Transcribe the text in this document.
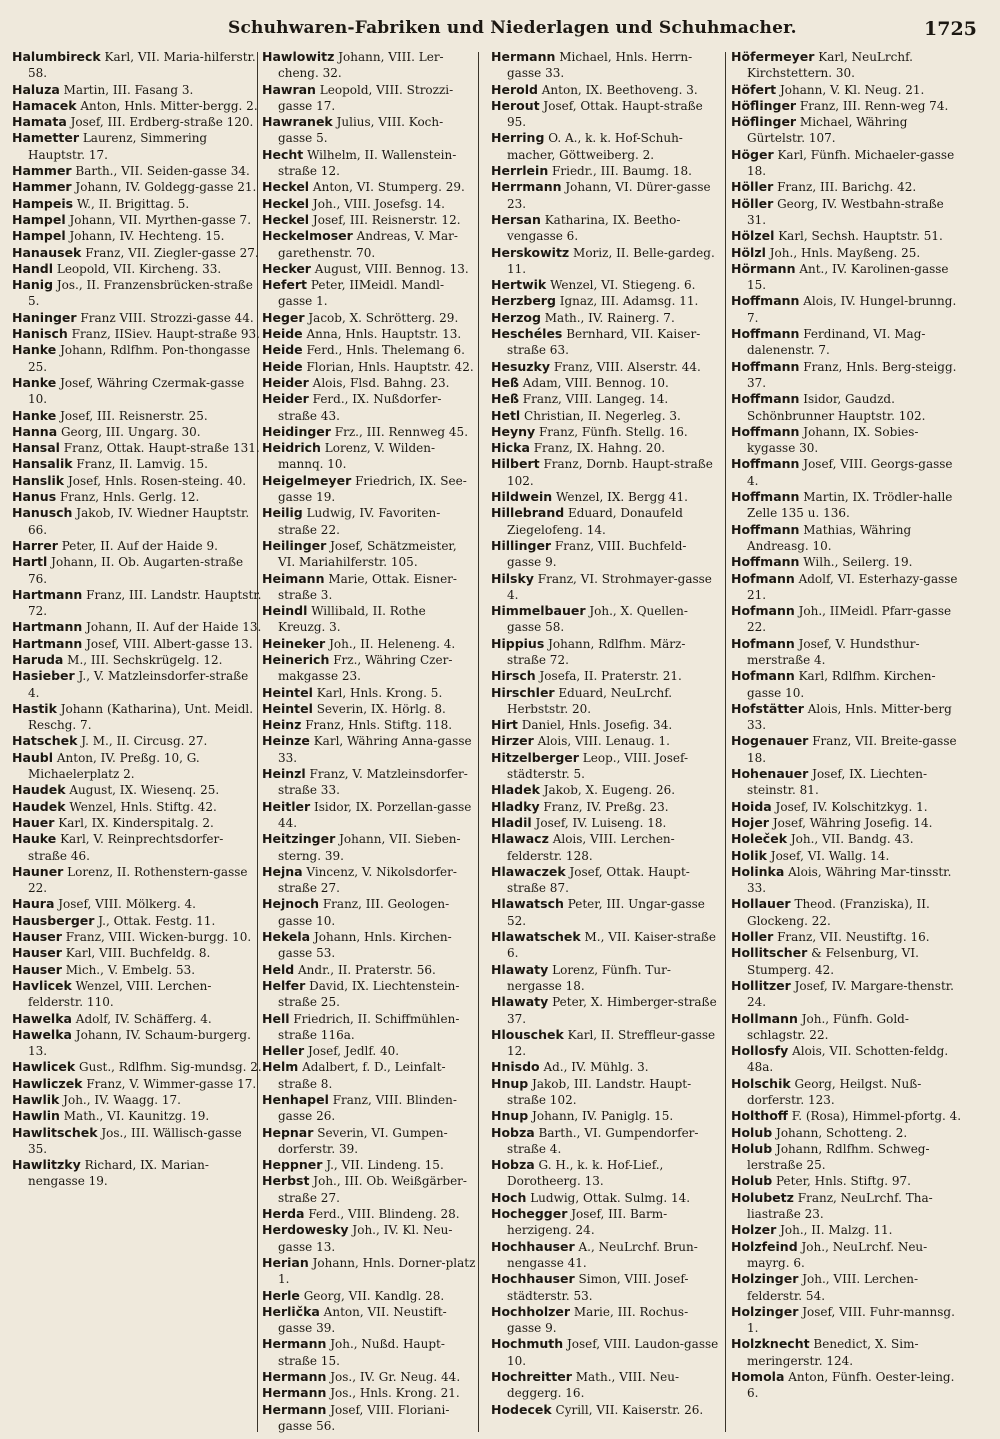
Schuhwaren-Fabriken und Niederlagen und Schuhmacher.	1725

Halumbireck Karl, VII. Maria-hilferstr. 58.

Haluza Martin, III. Fasang 3.

Hamacek Anton, Hnls. Mitter-bergg. 2.

Hamata Josef, III. Erdberg-straße 120.

Hametter Laurenz, Simmering Hauptstr. 17.

Hammer Barth., VII. Seiden-gasse 34.

Hammer Johann, IV. Goldegg-gasse 21.

Hampeis W., II. Brigittag. 5.

Hampel Johann, VII. Myrthen-gasse 7.

Hampel Johann, IV. Hechteng. 15.

Hanausek Franz, VII. Ziegler-gasse 27.

Handl Leopold, VII. Kircheng. 33.

Hanig Jos., II. Franzensbrücken-straße 5.

Haninger Franz VIII. Strozzi-gasse 44.

Hanisch Franz, IISiev. Haupt-straße 93.

Hanke Johann, Rdlfhm. Pon-thongasse 25.

Hanke Josef, Währing Czermak-gasse 10.

Hanke Josef, III. Reisnerstr. 25.

Hanna Georg, III. Ungarg. 30.

Hansal Franz, Ottak. Haupt-straße 131.

Hansalik Franz, II. Lamvig. 15.

Hanslik Josef, Hnls. Rosen-steing. 40.

Hanus Franz, Hnls. Gerlg. 12.

Hanusch Jakob, IV. Wiedner Hauptstr. 66.

Harrer Peter, II. Auf der Haide 9.

Hartl Johann, II. Ob. Augarten-straße 76.

Hartmann Franz, III. Landstr. Hauptstr. 72.

Hartmann Johann, II. Auf der Haide 13.

Hartmann Josef, VIII. Albert-gasse 13.

Haruda M., III. Sechskrügelg. 12.

Hasieber J., V. Matzleinsdorfer-straße 4.

Hastik Johann (Katharina), Unt. Meidl. Reschg. 7.

Hatschek J. M., II. Circusg. 27.

Haubl Anton, IV. Preßg. 10, G. Michaelerplatz 2.

Haudek August, IX. Wiesenq. 25.

Haudek Wenzel, Hnls. Stiftg. 42.

Hauer Karl, IX. Kinderspitalg. 2.

Hauke Karl, V. Reinprechtsdorfer-straße 46.

Hauner Lorenz, II. Rothenstern-gasse 22.

Haura Josef, VIII. Mölkerg. 4.

Hausberger J., Ottak. Festg. 11.

Hauser Franz, VIII. Wicken-burgg. 10.

Hauser Karl, VIII. Buchfeldg. 8.

Hauser Mich., V. Embelg. 53.

Havlicek Wenzel, VIII. Lerchen-felderstr. 110.

Hawelka Adolf, IV. Schäfferg. 4.

Hawelka Johann, IV. Schaum-burgerg. 13.

Hawlicek Gust., Rdlfhm. Sig-mundsg. 2.

Hawliczek Franz, V. Wimmer-gasse 17.

Hawlik Joh., IV. Waagg. 17.

Hawlin Math., VI. Kaunitzg. 19.

Hawlitschek Jos., III. Wällisch-gasse 35.

Hawlitzky Richard, IX. Marian-nengasse 19.

Hawlowitz Johann, VIII. Ler-cheng. 32.

Hawran Leopold, VIII. Strozzi-gasse 17.

Hawranek Julius, VIII. Koch-gasse 5.

Hecht Wilhelm, II. Wallenstein-straße 12.

Heckel Anton, VI. Stumperg. 29.

Heckel Joh., VIII. Josefsg. 14.

Heckel Josef, III. Reisnerstr. 12.

Heckelmoser Andreas, V. Mar-garethenstr. 70.

Hecker August, VIII. Bennog. 13.

Hefert Peter, IIMeidl. Mandl-gasse 1.

Heger Jacob, X. Schrötterg. 29.

Heide Anna, Hnls. Hauptstr. 13.

Heide Ferd., Hnls. Thelemang 6.

Heide Florian, Hnls. Hauptstr. 42.

Heider Alois, Flsd. Bahng. 23.

Heider Ferd., IX. Nußdorfer-straße 43.

Heidinger Frz., III. Rennweg 45.

Heidrich Lorenz, V. Wilden-mannq. 10.

Heigelmeyer Friedrich, IX. See-gasse 19.

Heilig Ludwig, IV. Favoriten-straße 22.

Heilinger Josef, Schätzmeister, VI. Mariahilferstr. 105.

Heimann Marie, Ottak. Eisner-straße 3.

Heindl Willibald, II. Rothe Kreuzg. 3.

Heineker Joh., II. Heleneng. 4.

Heinerich Frz., Währing Czer-makgasse 23.

Heintel Karl, Hnls. Krong. 5.

Heintel Severin, IX. Hörlg. 8.

Heinz Franz, Hnls. Stiftg. 118.

Heinze Karl, Währing Anna-gasse 33.

Heinzl Franz, V. Matzleinsdorfer-straße 33.

Heitler Isidor, IX. Porzellan-gasse 44.

Heitzinger Johann, VII. Sieben-sterng. 39.

Hejna Vincenz, V. Nikolsdorfer-straße 27.

Hejnoch Franz, III. Geologen-gasse 10.

Hekela Johann, Hnls. Kirchen-gasse 53.

Held Andr., II. Praterstr. 56.

Helfer David, IX. Liechtenstein-straße 25.

Hell Friedrich, II. Schiffmühlen-straße 116a.

Heller Josef, Jedlf. 40.

Helm Adalbert, f. D., Leinfalt-straße 8.

Henhapel Franz, VIII. Blinden-gasse 26.

Hepnar Severin, VI. Gumpen-dorferstr. 39.

Heppner J., VII. Lindeng. 15.

Herbst Joh., III. Ob. Weißgärber-straße 27.

Herda Ferd., VIII. Blindeng. 28.

Herdowesky Joh., IV. Kl. Neu-gasse 13.

Herian Johann, Hnls. Dorner-platz 1.

Herle Georg, VII. Kandlg. 28.

Herlička Anton, VII. Neustift-gasse 39.

Hermann Joh., Nußd. Haupt-straße 15.

Hermann Jos., IV. Gr. Neug. 44.

Hermann Jos., Hnls. Krong. 21.

Hermann Josef, VIII. Floriani-gasse 56.

Hermann Michael, Hnls. Herrn-gasse 33.

Herold Anton, IX. Beethoveng. 3.

Herout Josef, Ottak. Haupt-straße 95.

Herring O. A., k. k. Hof-Schuh-macher, Göttweiberg. 2.

Herrlein Friedr., III. Baumg. 18.

Herrmann Johann, VI. Dürer-gasse 23.

Hersan Katharina, IX. Beetho-vengasse 6.

Herskowitz Moriz, II. Belle-gardeg. 11.

Hertwik Wenzel, VI. Stiegeng. 6.

Herzberg Ignaz, III. Adamsg. 11.

Herzog Math., IV. Rainerg. 7.

Heschéles Bernhard, VII. Kaiser-straße 63.

Hesuzky Franz, VIII. Alserstr. 44.

Heß Adam, VIII. Bennog. 10.

Heß Franz, VIII. Langeg. 14.

Hetl Christian, II. Negerleg. 3.

Heyny Franz, Fünfh. Stellg. 16.

Hicka Franz, IX. Hahng. 20.

Hilbert Franz, Dornb. Haupt-straße 102.

Hildwein Wenzel, IX. Bergg 41.

Hillebrand Eduard, Donaufeld Ziegelofeng. 14.

Hillinger Franz, VIII. Buchfeld-gasse 9.

Hilsky Franz, VI. Strohmayer-gasse 4.

Himmelbauer Joh., X. Quellen-gasse 58.

Hippius Johann, Rdlfhm. März-straße 72.

Hirsch Josefa, II. Praterstr. 21.

Hirschler Eduard, NeuLrchf. Herbststr. 20.

Hirt Daniel, Hnls. Josefig. 34.

Hirzer Alois, VIII. Lenaug. 1.

Hitzelberger Leop., VIII. Josef-städterstr. 5.

Hladek Jakob, X. Eugeng. 26.

Hladky Franz, IV. Preßg. 23.

Hladil Josef, IV. Luiseng. 18.

Hlawacz Alois, VIII. Lerchen-felderstr. 128.

Hlawaczek Josef, Ottak. Haupt-straße 87.

Hlawatsch Peter, III. Ungar-gasse 52.

Hlawatschek M., VII. Kaiser-straße 6.

Hlawaty Lorenz, Fünfh. Tur-nergasse 18.

Hlawaty Peter, X. Himberger-straße 37.

Hlouschek Karl, II. Streffleur-gasse 12.

Hnisdo Ad., IV. Mühlg. 3.

Hnup Jakob, III. Landstr. Haupt-straße 102.

Hnup Johann, IV. Paniglg. 15.

Hobza Barth., VI. Gumpendorfer-straße 4.

Hobza G. H., k. k. Hof-Lief., Dorotheerg. 13.

Hoch Ludwig, Ottak. Sulmg. 14.

Hochegger Josef, III. Barm-herzigeng. 24.

Hochhauser A., NeuLrchf. Brun-nengasse 41.

Hochhauser Simon, VIII. Josef-städterstr. 53.

Hochholzer Marie, III. Rochus-gasse 9.

Hochmuth Josef, VIII. Laudon-gasse 10.

Hochreitter Math., VIII. Neu-deggerg. 16.

Hodecek Cyrill, VII. Kaiserstr. 26.

Höfermeyer Karl, NeuLrchf. Kirchstettern. 30.

Höfert Johann, V. Kl. Neug. 21.

Höflinger Franz, III. Renn-weg 74.

Höflinger Michael, Währing Gürtelstr. 107.

Höger Karl, Fünfh. Michaeler-gasse 18.

Höller Franz, III. Barichg. 42.

Höller Georg, IV. Westbahn-straße 31.

Hölzel Karl, Sechsh. Hauptstr. 51.

Hölzl Joh., Hnls. Mayßeng. 25.

Hörmann Ant., IV. Karolinen-gasse 15.

Hoffmann Alois, IV. Hungel-brunng. 7.

Hoffmann Ferdinand, VI. Mag-dalenenstr. 7.

Hoffmann Franz, Hnls. Berg-steigg. 37.

Hoffmann Isidor, Gaudzd. Schönbrunner Hauptstr. 102.

Hoffmann Johann, IX. Sobies-kygasse 30.

Hoffmann Josef, VIII. Georgs-gasse 4.

Hoffmann Martin, IX. Trödler-halle Zelle 135 u. 136.

Hoffmann Mathias, Währing Andreasg. 10.

Hoffmann Wilh., Seilerg. 19.

Hofmann Adolf, VI. Esterhazy-gasse 21.

Hofmann Joh., IIMeidl. Pfarr-gasse 22.

Hofmann Josef, V. Hundsthur-merstraße 4.

Hofmann Karl, Rdlfhm. Kirchen-gasse 10.

Hofstätter Alois, Hnls. Mitter-berg 33.

Hogenauer Franz, VII. Breite-gasse 18.

Hohenauer Josef, IX. Liechten-steinstr. 81.

Hoida Josef, IV. Kolschitzkyg. 1.

Hojer Josef, Währing Josefig. 14.

Holeček Joh., VII. Bandg. 43.

Holik Josef, VI. Wallg. 14.

Holinka Alois, Währing Mar-tinsstr. 33.

Hollauer Theod. (Franziska), II. Glockeng. 22.

Holler Franz, VII. Neustiftg. 16.

Hollitscher & Felsenburg, VI. Stumperg. 42.

Hollitzer Josef, IV. Margare-thenstr. 24.

Hollmann Joh., Fünfh. Gold-schlagstr. 22.

Hollosfy Alois, VII. Schotten-feldg. 48a.

Holschik Georg, Heilgst. Nuß-dorferstr. 123.

Holthoff F. (Rosa), Himmel-pfortg. 4.

Holub Johann, Schotteng. 2.

Holub Johann, Rdlfhm. Schweg-lerstraße 25.

Holub Peter, Hnls. Stiftg. 97.

Holubetz Franz, NeuLrchf. Tha-liastraße 23.

Holzer Joh., II. Malzg. 11.

Holzfeind Joh., NeuLrchf. Neu-mayrg. 6.

Holzinger Joh., VIII. Lerchen-felderstr. 54.

Holzinger Josef, VIII. Fuhr-mannsg. 1.

Holzknecht Benedict, X. Sim-meringerstr. 124.

Homola Anton, Fünfh. Oester-leing. 6.
